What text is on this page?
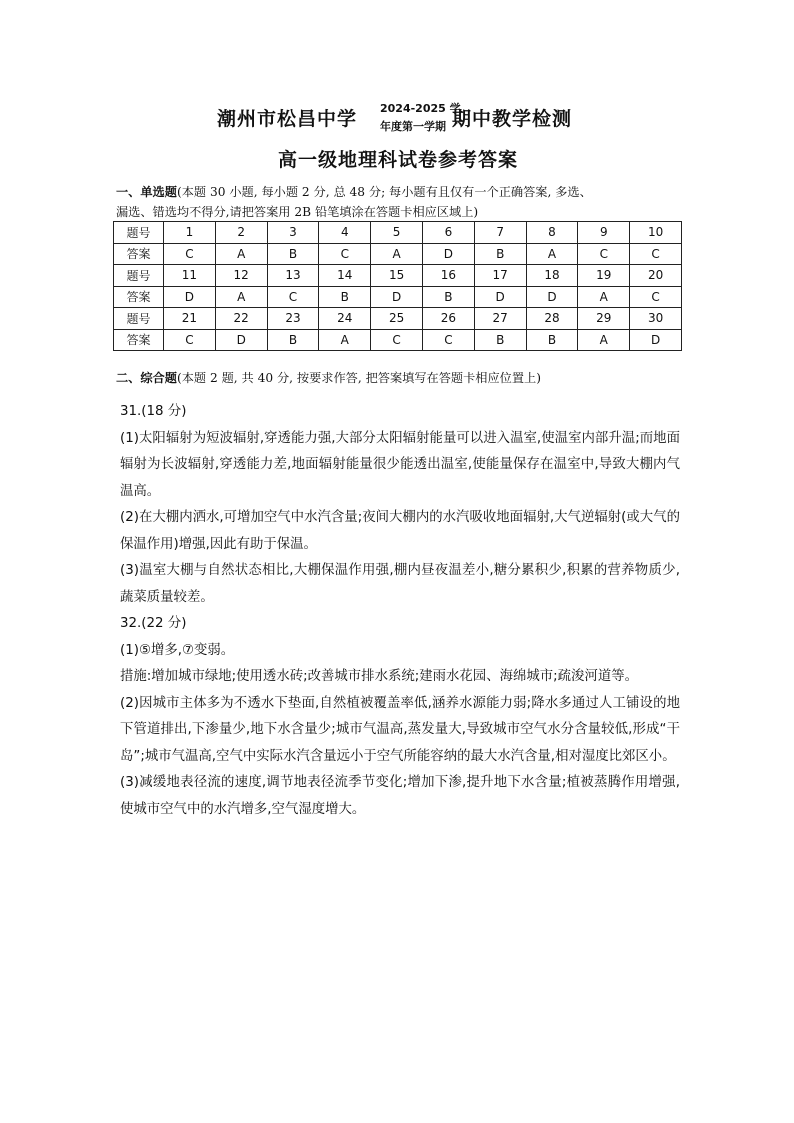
潮州市松昌中学 2024-2025 学
年度第一学期 期中教学检测
高一级地理科试卷参考答案
一、单选题(本题 30 小题, 每小题 2 分, 总 48 分; 每小题有且仅有一个正确答案, 多选、
漏选、错选均不得分,请把答案用 2B 铅笔填涂在答题卡相应区域上)
题号	1	2	3	4	5	6	7	8	9	10
答案	C	A	B	C	A	D	B	A	C	C
题号	11	12	13	14	15	16	17	18	19	20
答案	D	A	C	B	D	B	D	D	A	C
题号	21	22	23	24	25	26	27	28	29	30
答案	C	D	B	A	C	C	B	B	A	D
二、综合题(本题 2 题, 共 40 分, 按要求作答, 把答案填写在答题卡相应位置上)

31.(18 分)

(1)太阳辐射为短波辐射,穿透能力强,大部分太阳辐射能量可以进入温室,使温室内部升温;而地面辐射为长波辐射,穿透能力差,地面辐射能量很少能透出温室,使能量保存在温室中,导致大棚内气温高。

(2)在大棚内洒水,可增加空气中水汽含量;夜间大棚内的水汽吸收地面辐射,大气逆辐射(或大气的保温作用)增强,因此有助于保温。

(3)温室大棚与自然状态相比,大棚保温作用强,棚内昼夜温差小,糖分累积少,积累的营养物质少,蔬菜质量较差。

32.(22 分)

(1)⑤增多,⑦变弱。

措施:增加城市绿地;使用透水砖;改善城市排水系统;建雨水花园、海绵城市;疏浚河道等。

(2)因城市主体多为不透水下垫面,自然植被覆盖率低,涵养水源能力弱;降水多通过人工铺设的地下管道排出,下渗量少,地下水含量少;城市气温高,蒸发量大,导致城市空气水分含量较低,形成“干岛”;城市气温高,空气中实际水汽含量远小于空气所能容纳的最大水汽含量,相对湿度比郊区小。

(3)减缓地表径流的速度,调节地表径流季节变化;增加下渗,提升地下水含量;植被蒸腾作用增强,使城市空气中的水汽增多,空气湿度增大。
